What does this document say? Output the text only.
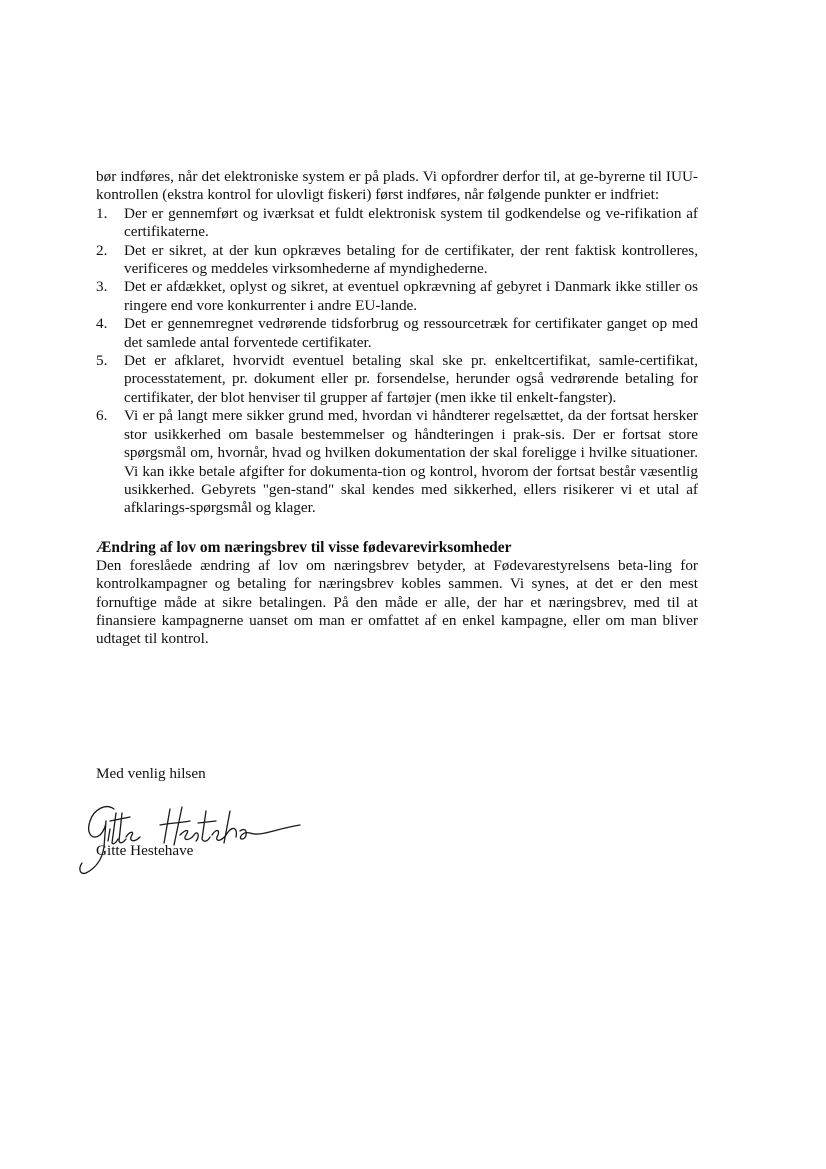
bør indføres, når det elektroniske system er på plads. Vi opfordrer derfor til, at ge-byrerne til IUU-kontrollen (ekstra kontrol for ulovligt fiskeri) først indføres, når følgende punkter er indfriet:

1. Der er gennemført og iværksat et fuldt elektronisk system til godkendelse og ve-rifikation af certifikaterne.
2. Det er sikret, at der kun opkræves betaling for de certifikater, der rent faktisk kontrolleres, verificeres og meddeles virksomhederne af myndighederne.
3. Det er afdækket, oplyst og sikret, at eventuel opkrævning af gebyret i Danmark ikke stiller os ringere end vore konkurrenter i andre EU-lande.
4. Det er gennemregnet vedrørende tidsforbrug og ressourcetræk for certifikater ganget op med det samlede antal forventede certifikater.
5. Det er afklaret, hvorvidt eventuel betaling skal ske pr. enkeltcertifikat, samle-certifikat, processtatement, pr. dokument eller pr. forsendelse, herunder også vedrørende betaling for certifikater, der blot henviser til grupper af fartøjer (men ikke til enkelt-fangster).
6. Vi er på langt mere sikker grund med, hvordan vi håndterer regelsættet, da der fortsat hersker stor usikkerhed om basale bestemmelser og håndteringen i prak-sis. Der er fortsat store spørgsmål om, hvornår, hvad og hvilken dokumentation der skal foreligge i hvilke situationer. Vi kan ikke betale afgifter for dokumenta-tion og kontrol, hvorom der fortsat består væsentlig usikkerhed. Gebyrets "gen-stand" skal kendes med sikkerhed, ellers risikerer vi et utal af afklarings-spørgsmål og klager.
Ændring af lov om næringsbrev til visse fødevarevirksomheder

Den foreslåede ændring af lov om næringsbrev betyder, at Fødevarestyrelsens beta-ling for kontrolkampagner og betaling for næringsbrev kobles sammen. Vi synes, at det er den mest fornuftige måde at sikre betalingen. På den måde er alle, der har et næringsbrev, med til at finansiere kampagnerne uanset om man er omfattet af en enkel kampagne, eller om man bliver udtaget til kontrol.

Med venlig hilsen

Gitte Hestehave
